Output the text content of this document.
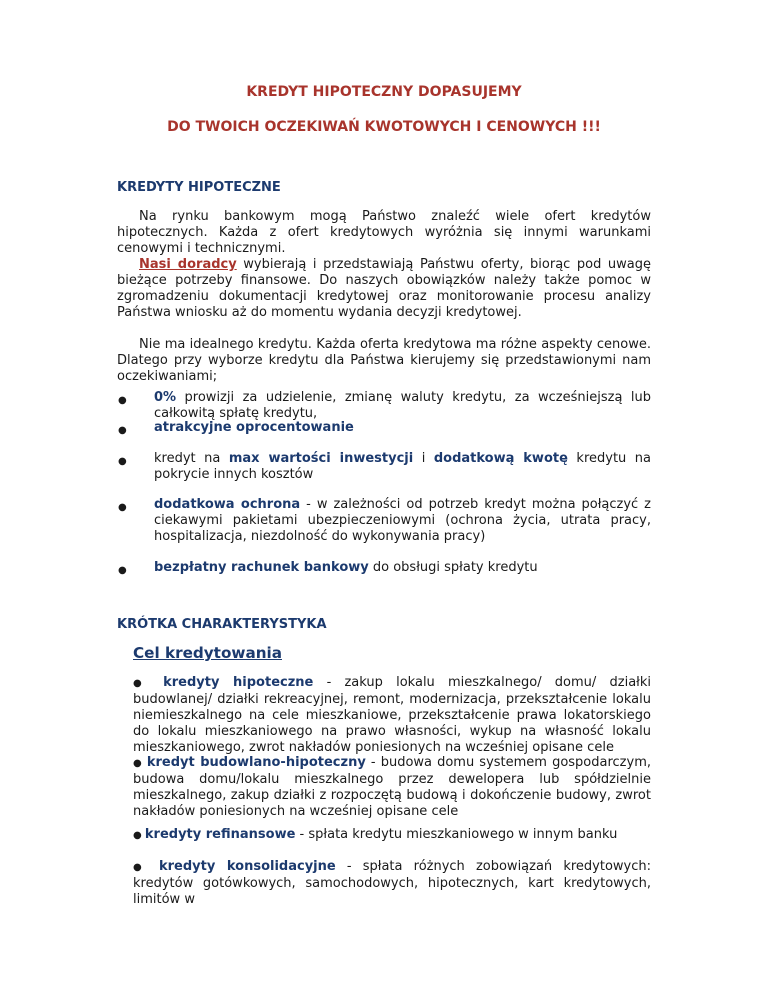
KREDYT HIPOTECZNY DOPASUJEMY
DO TWOICH OCZEKIWAŃ KWOTOWYCH I CENOWYCH !!!
KREDYTY HIPOTECZNE

Na rynku bankowym mogą Państwo znaleźć wiele ofert kredytów hipotecznych. Każda z ofert kredytowych wyróżnia się innymi warunkami cenowymi i technicznymi.

Nasi doradcy wybierają i przedstawiają Państwu oferty, biorąc pod uwagę bieżące potrzeby finansowe. Do naszych obowiązków należy także pomoc w zgromadzeniu dokumentacji kredytowej oraz monitorowanie procesu analizy Państwa wniosku aż do momentu wydania decyzji kredytowej.

Nie ma idealnego kredytu. Każda oferta kredytowa ma różne aspekty cenowe. Dlatego przy wyborze kredytu dla Państwa kierujemy się przedstawionymi nam oczekiwaniami;

● 0% prowizji za udzielenie, zmianę waluty kredytu, za wcześniejszą lub całkowitą spłatę kredytu,

● atrakcyjne oprocentowanie

● kredyt na max wartości inwestycji i dodatkową kwotę kredytu na pokrycie innych kosztów

● dodatkowa ochrona - w zależności od potrzeb kredyt można połączyć z ciekawymi pakietami ubezpieczeniowymi (ochrona życia, utrata pracy, hospitalizacja, niezdolność do wykonywania pracy)

● bezpłatny rachunek bankowy do obsługi spłaty kredytu

KRÓTKA CHARAKTERYSTYKA
Cel kredytowania

● kredyty hipoteczne - zakup lokalu mieszkalnego/ domu/ działki budowlanej/ działki rekreacyjnej, remont, modernizacja, przekształcenie lokalu niemieszkalnego na cele mieszkaniowe, przekształcenie prawa lokatorskiego do lokalu mieszkaniowego na prawo własności, wykup na własność lokalu mieszkaniowego, zwrot nakładów poniesionych na wcześniej opisane cele

● kredyt budowlano-hipoteczny - budowa domu systemem gospodarczym, budowa domu/lokalu mieszkalnego przez dewelopera lub spółdzielnie mieszkalnego, zakup działki z rozpoczętą budową i dokończenie budowy, zwrot nakładów poniesionych na wcześniej opisane cele

● kredyty refinansowe - spłata kredytu mieszkaniowego w innym banku

● kredyty konsolidacyjne - spłata różnych zobowiązań kredytowych: kredytów gotówkowych, samochodowych, hipotecznych, kart kredytowych, limitów w
